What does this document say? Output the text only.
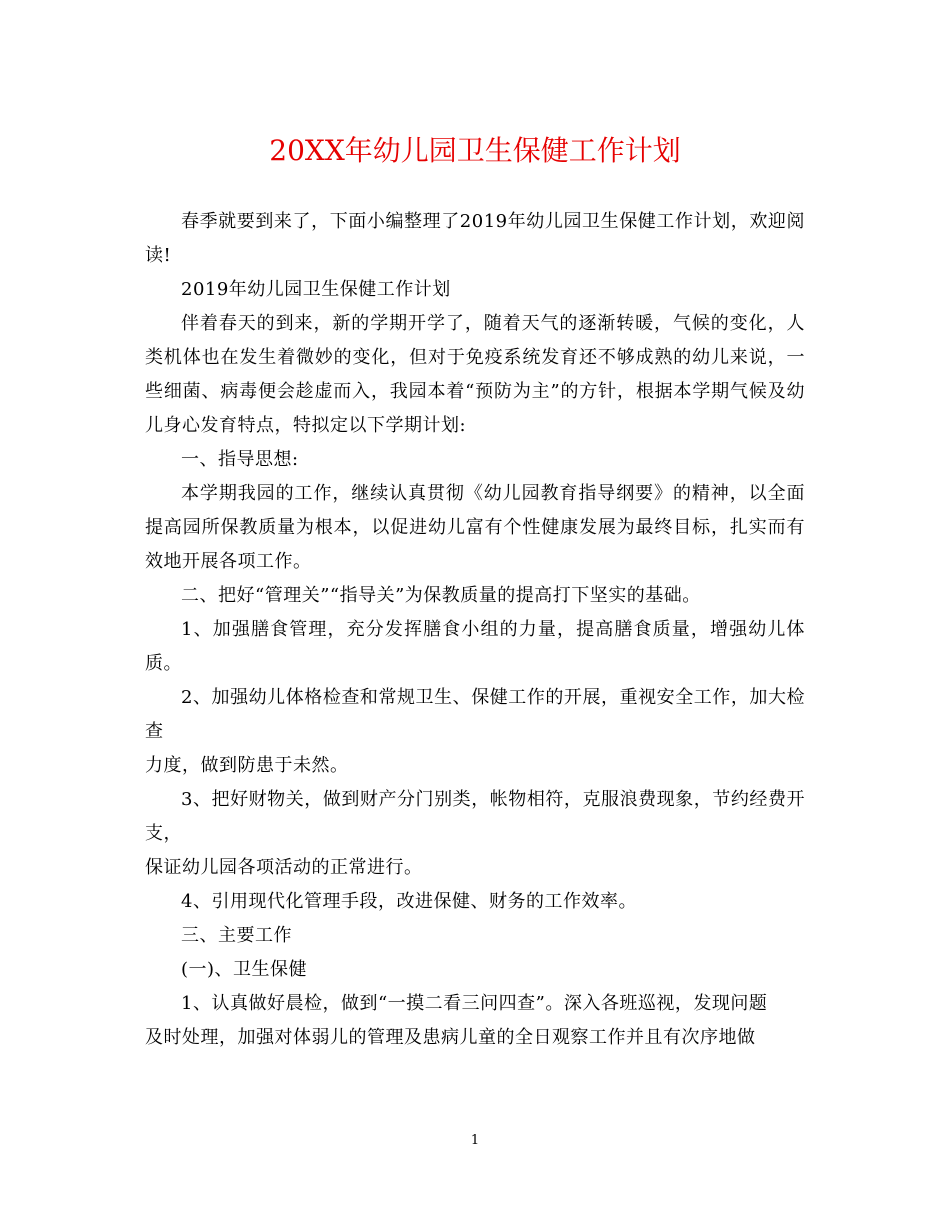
20XX年幼儿园卫生保健工作计划

春季就要到来了，下面小编整理了2019年幼儿园卫生保健工作计划，欢迎阅读!

2019年幼儿园卫生保健工作计划

伴着春天的到来，新的学期开学了，随着天气的逐渐转暖，气候的变化，人类机体也在发生着微妙的变化，但对于免疫系统发育还不够成熟的幼儿来说，一些细菌、病毒便会趁虚而入，我园本着“预防为主”的方针，根据本学期气候及幼儿身心发育特点，特拟定以下学期计划:

一、指导思想:

本学期我园的工作，继续认真贯彻《幼儿园教育指导纲要》的精神，以全面提高园所保教质量为根本，以促进幼儿富有个性健康发展为最终目标，扎实而有效地开展各项工作。

二、把好“管理关”“指导关”为保教质量的提高打下坚实的基础。

1、加强膳食管理，充分发挥膳食小组的力量，提高膳食质量，增强幼儿体质。

2、加强幼儿体格检查和常规卫生、保健工作的开展，重视安全工作，加大检查

力度，做到防患于未然。

3、把好财物关，做到财产分门别类，帐物相符，克服浪费现象，节约经费开支，

保证幼儿园各项活动的正常进行。

4、引用现代化管理手段，改进保健、财务的工作效率。

三、主要工作

(一)、卫生保健

1、认真做好晨检，做到“一摸二看三问四查”。深入各班巡视，发现问题

及时处理，加强对体弱儿的管理及患病儿童的全日观察工作并且有次序地做

1
